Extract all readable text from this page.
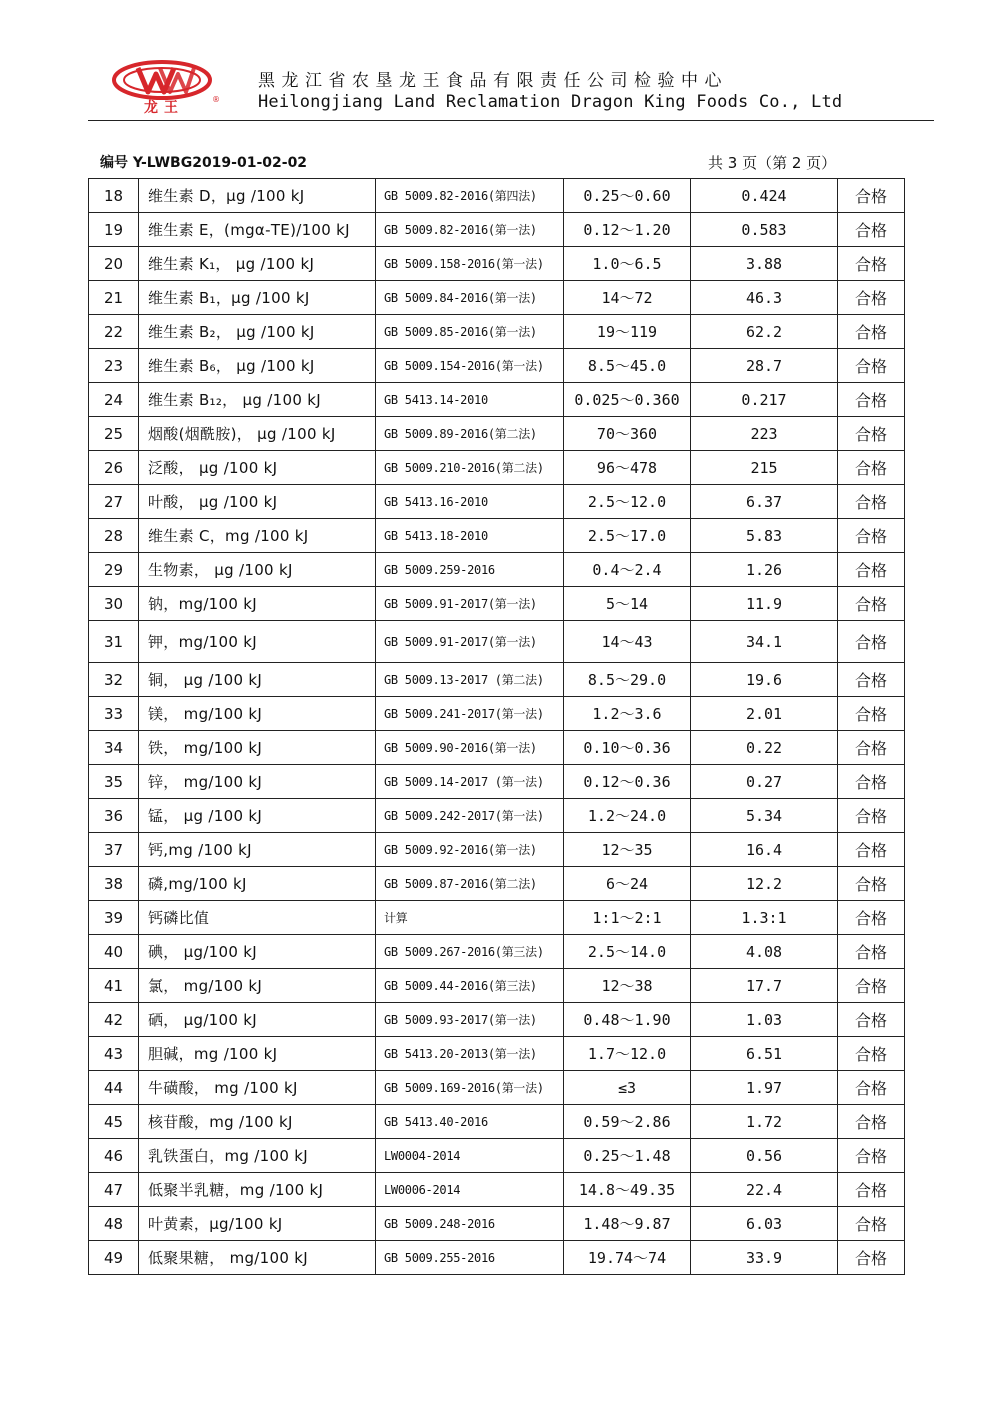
龙王
®
黑龙江省农垦龙王食品有限责任公司检验中心
Heilongjiang Land Reclamation Dragon King Foods Co., Ltd
编号 Y-LWBG2019-01-02-02	共 3 页（第 2 页）
18	维生素 D，μg /100 kJ	GB 5009.82-2016(第四法)	0.25～0.60	0.424	合格
19	维生素 E，(mgα-TE)/100 kJ	GB 5009.82-2016(第一法)	0.12～1.20	0.583	合格
20	维生素 K₁， μg /100 kJ	GB 5009.158-2016(第一法)	1.0～6.5	3.88	合格
21	维生素 B₁，μg /100 kJ	GB 5009.84-2016(第一法)	14～72	46.3	合格
22	维生素 B₂， μg /100 kJ	GB 5009.85-2016(第一法)	19～119	62.2	合格
23	维生素 B₆， μg /100 kJ	GB 5009.154-2016(第一法)	8.5～45.0	28.7	合格
24	维生素 B₁₂， μg /100 kJ	GB 5413.14-2010	0.025～0.360	0.217	合格
25	烟酸(烟酰胺)， μg /100 kJ	GB 5009.89-2016(第二法)	70～360	223	合格
26	泛酸， μg /100 kJ	GB 5009.210-2016(第二法)	96～478	215	合格
27	叶酸， μg /100 kJ	GB 5413.16-2010	2.5～12.0	6.37	合格
28	维生素 C，mg /100 kJ	GB 5413.18-2010	2.5～17.0	5.83	合格
29	生物素， μg /100 kJ	GB 5009.259-2016	0.4～2.4	1.26	合格
30	钠，mg/100 kJ	GB 5009.91-2017(第一法)	5～14	11.9	合格
31	钾，mg/100 kJ	GB 5009.91-2017(第一法)	14～43	34.1	合格
32	铜， μg /100 kJ	GB 5009.13-2017 (第二法)	8.5～29.0	19.6	合格
33	镁， mg/100 kJ	GB 5009.241-2017(第一法)	1.2～3.6	2.01	合格
34	铁， mg/100 kJ	GB 5009.90-2016(第一法)	0.10～0.36	0.22	合格
35	锌， mg/100 kJ	GB 5009.14-2017 (第一法)	0.12～0.36	0.27	合格
36	锰， μg /100 kJ	GB 5009.242-2017(第一法)	1.2～24.0	5.34	合格
37	钙,mg /100 kJ	GB 5009.92-2016(第一法)	12～35	16.4	合格
38	磷,mg/100 kJ	GB 5009.87-2016(第二法)	6～24	12.2	合格
39	钙磷比值	计算	1:1～2:1	1.3:1	合格
40	碘， μg/100 kJ	GB 5009.267-2016(第三法)	2.5～14.0	4.08	合格
41	氯， mg/100 kJ	GB 5009.44-2016(第三法)	12～38	17.7	合格
42	硒， μg/100 kJ	GB 5009.93-2017(第一法)	0.48～1.90	1.03	合格
43	胆碱，mg /100 kJ	GB 5413.20-2013(第一法)	1.7～12.0	6.51	合格
44	牛磺酸， mg /100 kJ	GB 5009.169-2016(第一法)	≤3	1.97	合格
45	核苷酸，mg /100 kJ	GB 5413.40-2016	0.59～2.86	1.72	合格
46	乳铁蛋白，mg /100 kJ	LW0004-2014	0.25～1.48	0.56	合格
47	低聚半乳糖，mg /100 kJ	LW0006-2014	14.8～49.35	22.4	合格
48	叶黄素，μg/100 kJ	GB 5009.248-2016	1.48～9.87	6.03	合格
49	低聚果糖， mg/100 kJ	GB 5009.255-2016	19.74～74	33.9	合格
